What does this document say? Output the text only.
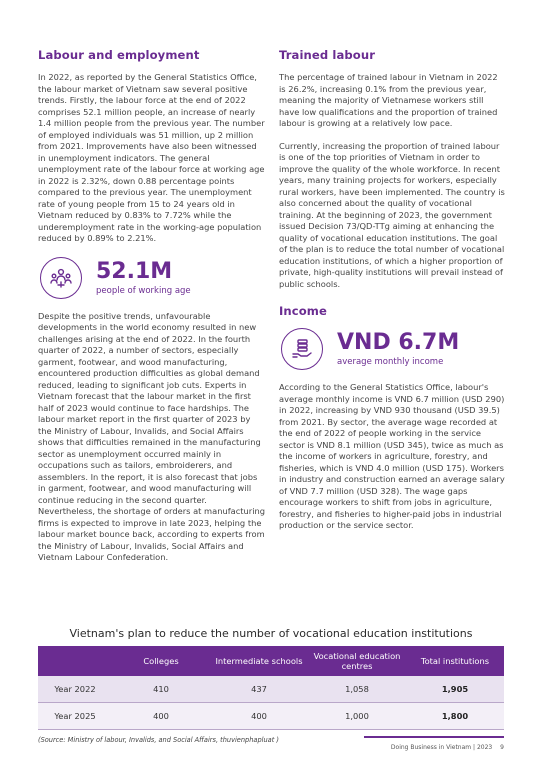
Labour and employment

In 2022, as reported by the General Statistics Office, the labour market of Vietnam saw several positive trends. Firstly, the labour force at the end of 2022 comprises 52.1 million people, an increase of nearly 1.4 million people from the previous year. The number of employed individuals was 51 million, up 2 million from 2021. Improvements have also been witnessed in unemployment indicators. The general unemployment rate of the labour force at working age in 2022 is 2.32%, down 0.88 percentage points compared to the previous year. The unemployment rate of young people from 15 to 24 years old in Vietnam reduced by 0.83% to 7.72% while the underemployment rate in the working-age population reduced by 0.89% to 2.21%.

52.1M
people of working age

Despite the positive trends, unfavourable developments in the world economy resulted in new challenges arising at the end of 2022. In the fourth quarter of 2022, a number of sectors, especially garment, footwear, and wood manufacturing, encountered production difficulties as global demand reduced, leading to significant job cuts. Experts in Vietnam forecast that the labour market in the first half of 2023 would continue to face hardships. The labour market report in the first quarter of 2023 by the Ministry of Labour, Invalids, and Social Affairs shows that difficulties remained in the manufacturing sector as unemployment occurred mainly in occupations such as tailors, embroiderers, and assemblers. In the report, it is also forecast that jobs in garment, footwear, and wood manufacturing will continue reducing in the second quarter. Nevertheless, the shortage of orders at manufacturing firms is expected to improve in late 2023, helping the labour market bounce back, according to experts from the Ministry of Labour, Invalids, Social Affairs and Vietnam Labour Confederation.

Trained labour

The percentage of trained labour in Vietnam in 2022 is 26.2%, increasing 0.1% from the previous year, meaning the majority of Vietnamese workers still have low qualifications and the proportion of trained labour is growing at a relatively low pace.

Currently, increasing the proportion of trained labour is one of the top priorities of Vietnam in order to improve the quality of the whole workforce. In recent years, many training projects for workers, especially rural workers, have been implemented. The country is also concerned about the quality of vocational training. At the beginning of 2023, the government issued Decision 73/QD-TTg aiming at enhancing the quality of vocational education institutions. The goal of the plan is to reduce the total number of vocational education institutions, of which a higher proportion of private, high-quality institutions will prevail instead of public schools.

Income
VND 6.7M
average monthly income

According to the General Statistics Office, labour's average monthly income is VND 6.7 million (USD 290) in 2022, increasing by VND 930 thousand (USD 39.5) from 2021. By sector, the average wage recorded at the end of 2022 of people working in the service sector is VND 8.1 million (USD 345), twice as much as the income of workers in agriculture, forestry, and fisheries, which is VND 4.0 million (USD 175). Workers in industry and construction earned an average salary of VND 7.7 million (USD 328). The wage gaps encourage workers to shift from jobs in agriculture, forestry, and fisheries to higher-paid jobs in industrial production or the service sector.

Vietnam's plan to reduce the number of vocational education institutions
	Colleges	Intermediate schools	Vocational education centres	Total institutions
Year 2022	410	437	1,058	1,905
Year 2025	400	400	1,000	1,800
(Source: Ministry of labour, Invalids, and Social Affairs, thuvienphapluat )
Doing Business in Vietnam | 2023 9
